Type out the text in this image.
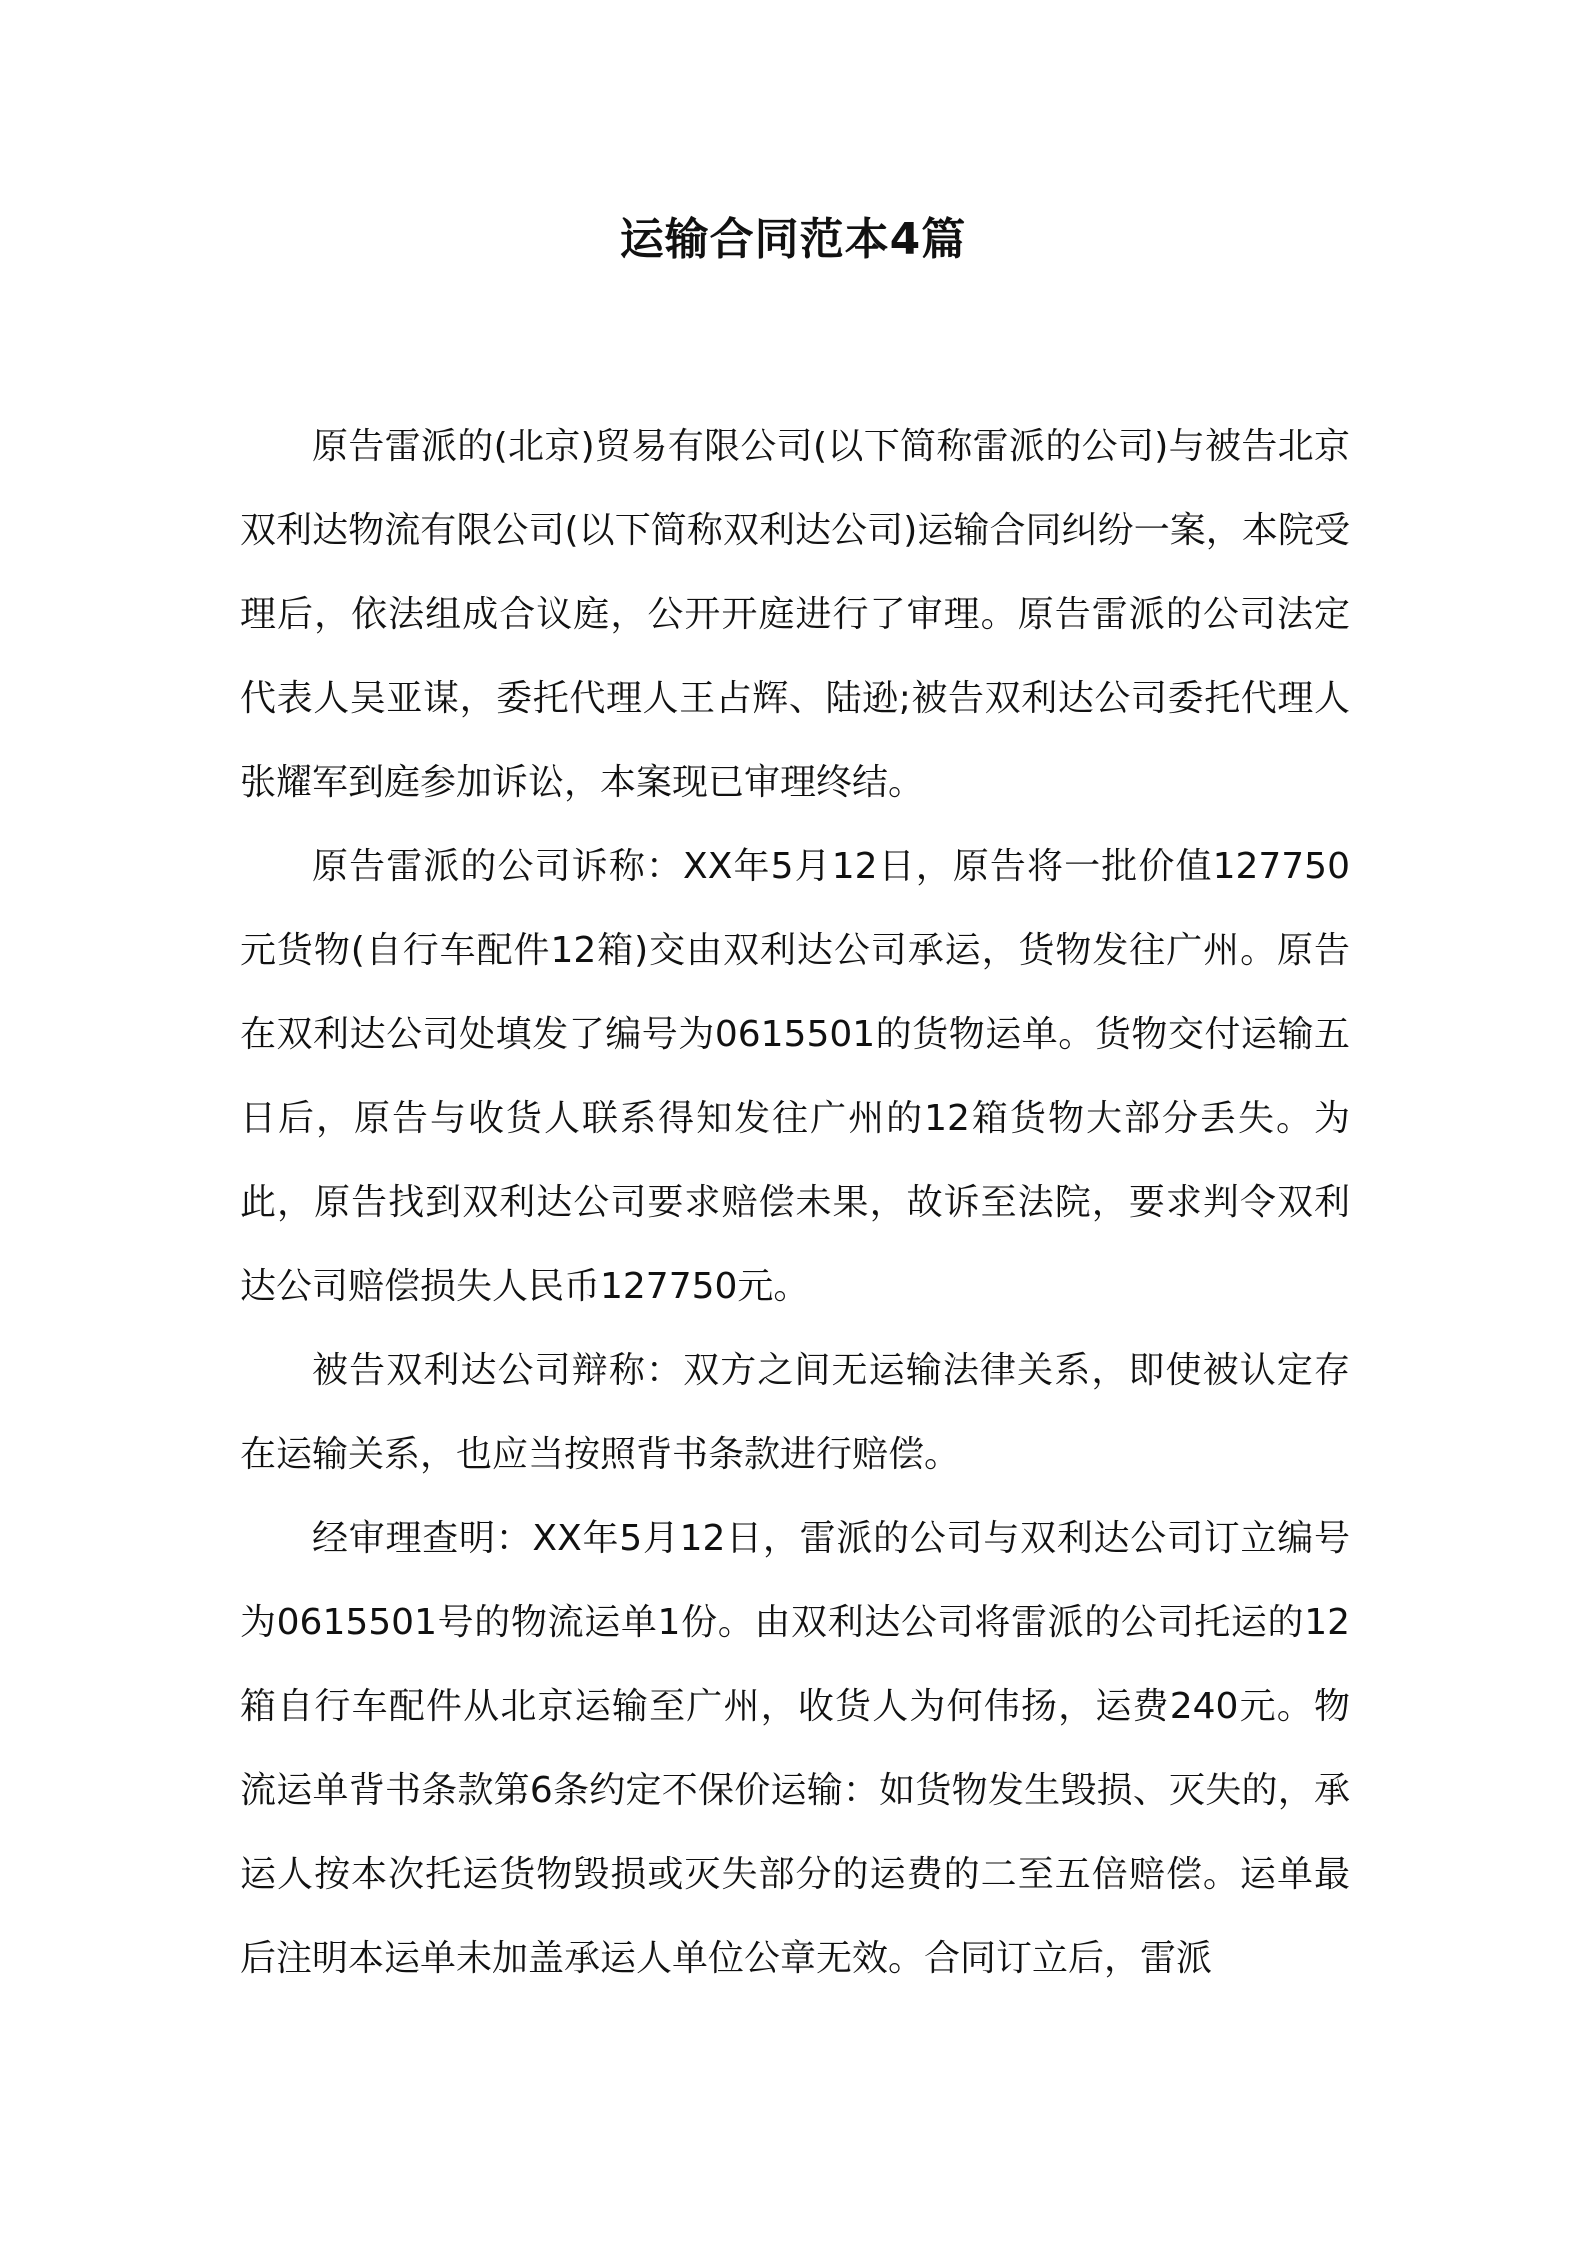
运输合同范本4篇

原告雷派的(北京)贸易有限公司(以下简称雷派的公司)与被告北京双利达物流有限公司(以下简称双利达公司)运输合同纠纷一案，本院受理后，依法组成合议庭，公开开庭进行了审理。原告雷派的公司法定代表人吴亚谋，委托代理人王占辉、陆逊;被告双利达公司委托代理人张耀军到庭参加诉讼，本案现已审理终结。

原告雷派的公司诉称：XX年5月12日，原告将一批价值127750元货物(自行车配件12箱)交由双利达公司承运，货物发往广州。原告在双利达公司处填发了编号为0615501的货物运单。货物交付运输五日后，原告与收货人联系得知发往广州的12箱货物大部分丢失。为此，原告找到双利达公司要求赔偿未果，故诉至法院，要求判令双利达公司赔偿损失人民币127750元。

被告双利达公司辩称：双方之间无运输法律关系，即使被认定存在运输关系，也应当按照背书条款进行赔偿。

经审理查明：XX年5月12日，雷派的公司与双利达公司订立编号为0615501号的物流运单1份。由双利达公司将雷派的公司托运的12箱自行车配件从北京运输至广州，收货人为何伟扬，运费240元。物流运单背书条款第6条约定不保价运输：如货物发生毁损、灭失的，承运人按本次托运货物毁损或灭失部分的运费的二至五倍赔偿。运单最后注明本运单未加盖承运人单位公章无效。合同订立后，雷派
